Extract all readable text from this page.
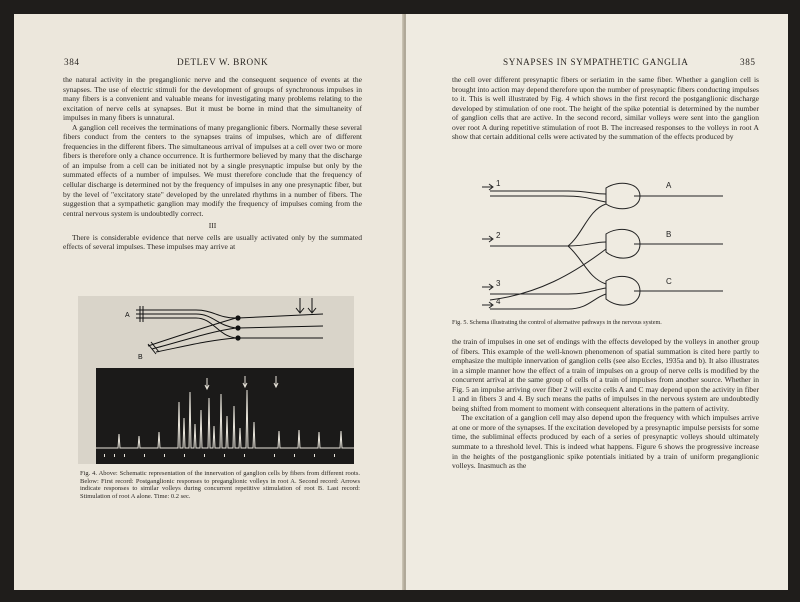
384	DETLEV W. BRONK

the natural activity in the preganglionic nerve and the consequent sequence of events at the synapses. The use of electric stimuli for the development of groups of synchronous impulses in many fibers is a convenient and valuable means for investigating many problems relating to the excitation of nerve cells at synapses. But it must be borne in mind that the simultaneity of impulses in many fibers is unnatural.

A ganglion cell receives the terminations of many preganglionic fibers. Normally these several fibers conduct from the centers to the synapses trains of impulses, which are of different frequencies in the different fibers. The simultaneous arrival of impulses at a cell over two or more fibers is therefore only a chance occurrence. It is furthermore believed by many that the discharge of an impulse from a cell can be initiated not by a single presynaptic impulse but only by the summated effects of a number of impulses. We must therefore conclude that the frequency of cellular discharge is determined not by the frequency of impulses in any one presynaptic fiber, but by the level of "excitatory state" developed by the unrelated rhythms in a number of fibers. The suggestion that a sympathetic ganglion may modify the frequency of impulses coming from the central nervous system is undoubtedly correct.

III

There is considerable evidence that nerve cells are usually activated only by the summated effects of several impulses. These impulses may arrive at

A
B
Fig. 4. Above: Schematic representation of the innervation of ganglion cells by fibers from different roots. Below: First record: Postganglionic responses to preganglionic volleys in root A. Second record: Arrows indicate responses to similar volleys during concurrent repetitive stimulation of root B. Last record: Stimulation of root A alone. Time: 0.2 sec.
SYNAPSES IN SYMPATHETIC GANGLIA	385

the cell over different presynaptic fibers or seriatim in the same fiber. Whether a ganglion cell is brought into action may depend therefore upon the number of presynaptic fibers conducting impulses to it. This is well illustrated by Fig. 4 which shows in the first record the postganglionic discharge developed by stimulation of one root. The height of the spike potential is determined by the number of ganglion cells that are active. In the second record, similar volleys were sent into the ganglion over root A during repetitive stimulation of root B. The increased responses to the volleys in root A show that certain additional cells were activated by the summation of the effects produced by

1
2
3
4
A
B
C
Fig. 5. Schema illustrating the control of alternative pathways in the nervous system.

the train of impulses in one set of endings with the effects developed by the volleys in another group of fibers. This example of the well-known phenomenon of spatial summation is cited here partly to emphasize the multiple innervation of ganglion cells (see also Eccles, 1935a and b). It also illustrates in a simple manner how the effect of a train of impulses on a group of nerve cells is modified by the concurrent arrival at the same group of cells of a train of impulses from another source. Whether in Fig. 5 an impulse arriving over fiber 2 will excite cells A and C may depend upon the activity in fiber 1 and in fibers 3 and 4. By such means the paths of impulses in the nervous system are undoubtedly being shifted from moment to moment with consequent alterations in the pattern of activity.

The excitation of a ganglion cell may also depend upon the frequency with which impulses arrive at one or more of the synapses. If the excitation developed by a presynaptic impulse persists for some time, the subliminal effects produced by each of a series of presynaptic volleys should ultimately summate to a threshold level. This is indeed what happens. Figure 6 shows the progressive increase in the heights of the postganglionic spike potentials initiated by a train of uniform preganglionic volleys. Inasmuch as the
